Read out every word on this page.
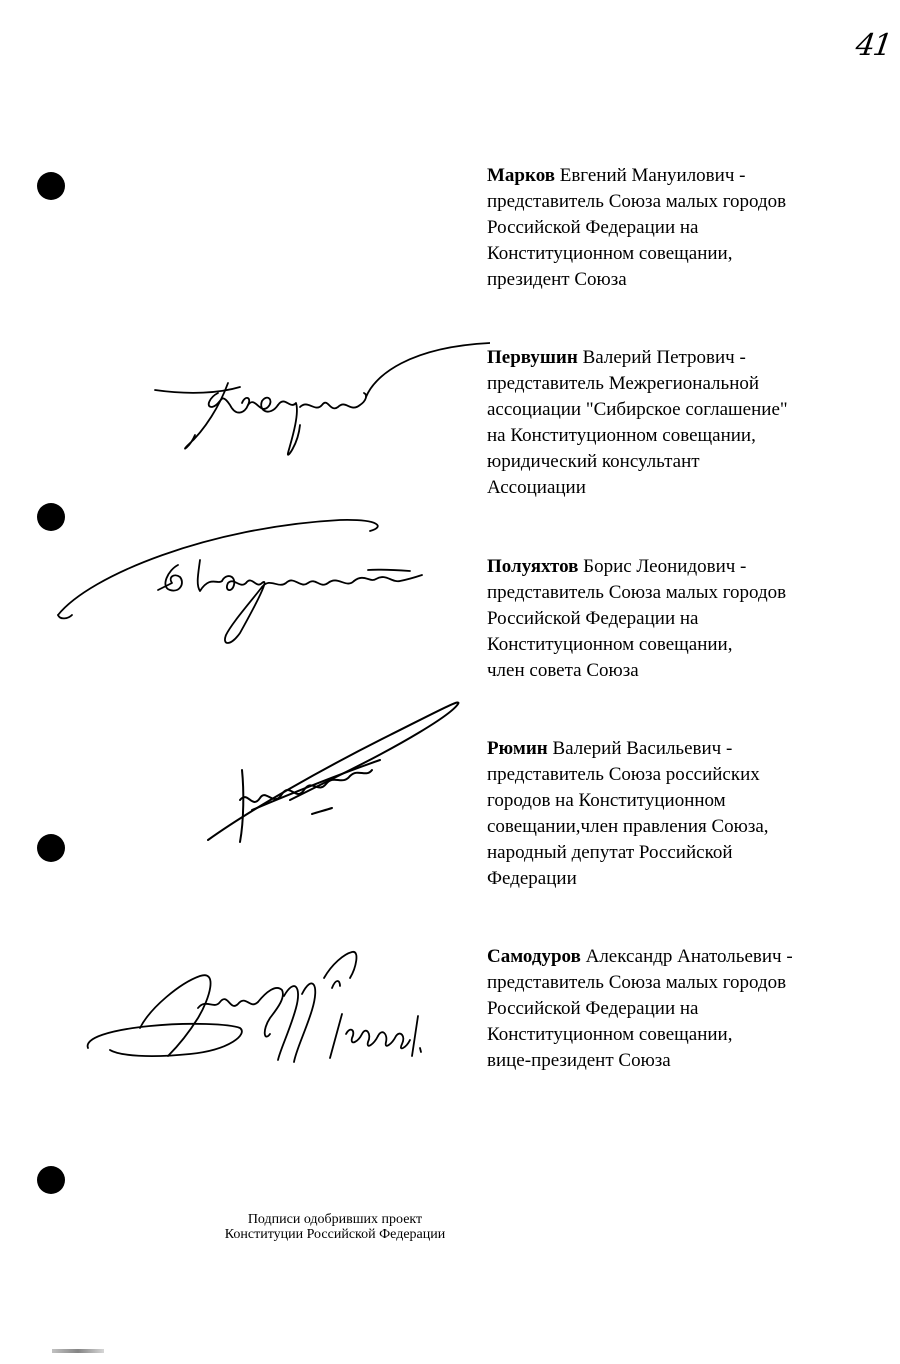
41
Марков Евгений Мануилович -
представитель Союза малых городов
Российской Федерации на
Конституционном совещании,
президент Союза
Первушин Валерий Петрович -
представитель Межрегиональной
ассоциации "Сибирское соглашение"
на Конституционном совещании,
юридический консультант
Ассоциации
Полуяхтов Борис Леонидович -
представитель Союза малых городов
Российской Федерации на
Конституционном совещании,
член совета Союза
Рюмин Валерий Васильевич -
представитель Союза российских
городов на Конституционном
совещании,член правления Союза,
народный депутат Российской
Федерации
Самодуров Александр Анатольевич -
представитель Союза малых городов
Российской Федерации на
Конституционном совещании,
вице-президент Союза
Подписи одобривших проект
Конституции Российской Федерации
